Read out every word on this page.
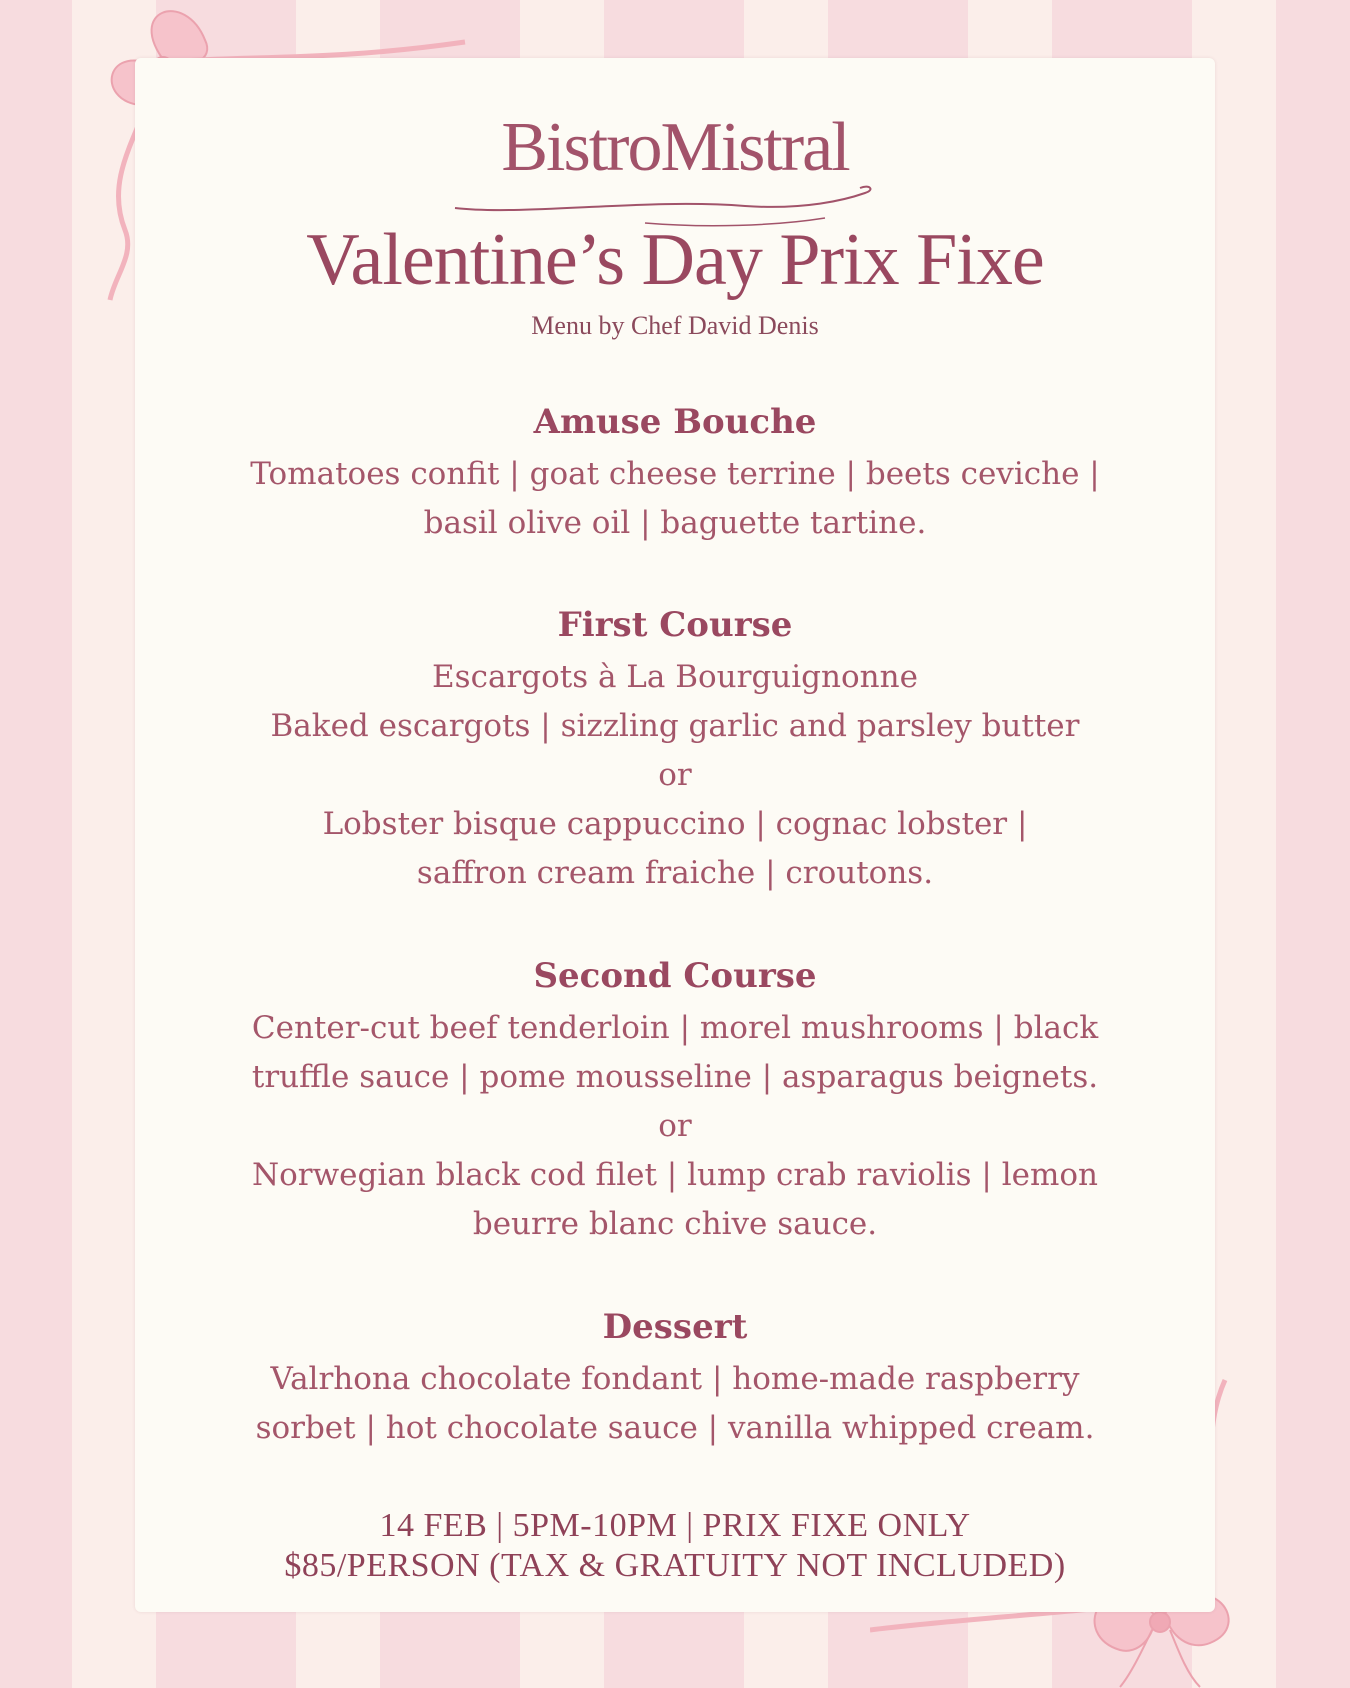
BistroMistral
Valentine’s Day Prix Fixe
Menu by Chef David Denis
Amuse Bouche
Tomatoes confit | goat cheese terrine | beets ceviche |
basil olive oil | baguette tartine.
First Course
Escargots à La Bourguignonne
Baked escargots | sizzling garlic and parsley butter
or
Lobster bisque cappuccino | cognac lobster |
saffron cream fraiche | croutons.
Second Course
Center-cut beef tenderloin | morel mushrooms | black
truffle sauce | pome mousseline | asparagus beignets.
or
Norwegian black cod filet | lump crab raviolis | lemon
beurre blanc chive sauce.
Dessert
Valrhona chocolate fondant | home-made raspberry
sorbet | hot chocolate sauce | vanilla whipped cream.
14 FEB | 5PM-10PM | PRIX FIXE ONLY
$85/PERSON (TAX & GRATUITY NOT INCLUDED)
